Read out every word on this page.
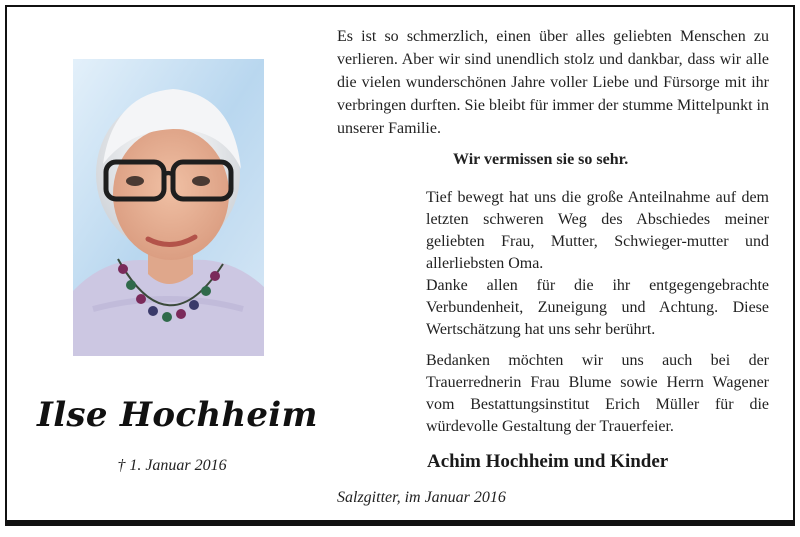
Ilse Hochheim
† 1. Januar 2016

Es ist so schmerzlich, einen über alles geliebten Menschen zu verlieren. Aber wir sind unendlich stolz und dankbar, dass wir alle die vielen wunderschönen Jahre voller Liebe und Fürsorge mit ihr verbringen durften. Sie bleibt für immer der stumme Mittelpunkt in unserer Familie.

Wir vermissen sie so sehr.

Tief bewegt hat uns die große Anteilnahme auf dem letzten schweren Weg des Abschiedes meiner geliebten Frau, Mutter, Schwieger-mutter und allerliebsten Oma.

Danke allen für die ihr entgegengebrachte Verbundenheit, Zuneigung und Achtung. Diese Wertschätzung hat uns sehr berührt.

Bedanken möchten wir uns auch bei der Trauerrednerin Frau Blume sowie Herrn Wagener vom Bestattungsinstitut Erich Müller für die würdevolle Gestaltung der Trauerfeier.

Achim Hochheim und Kinder
Salzgitter, im Januar 2016
